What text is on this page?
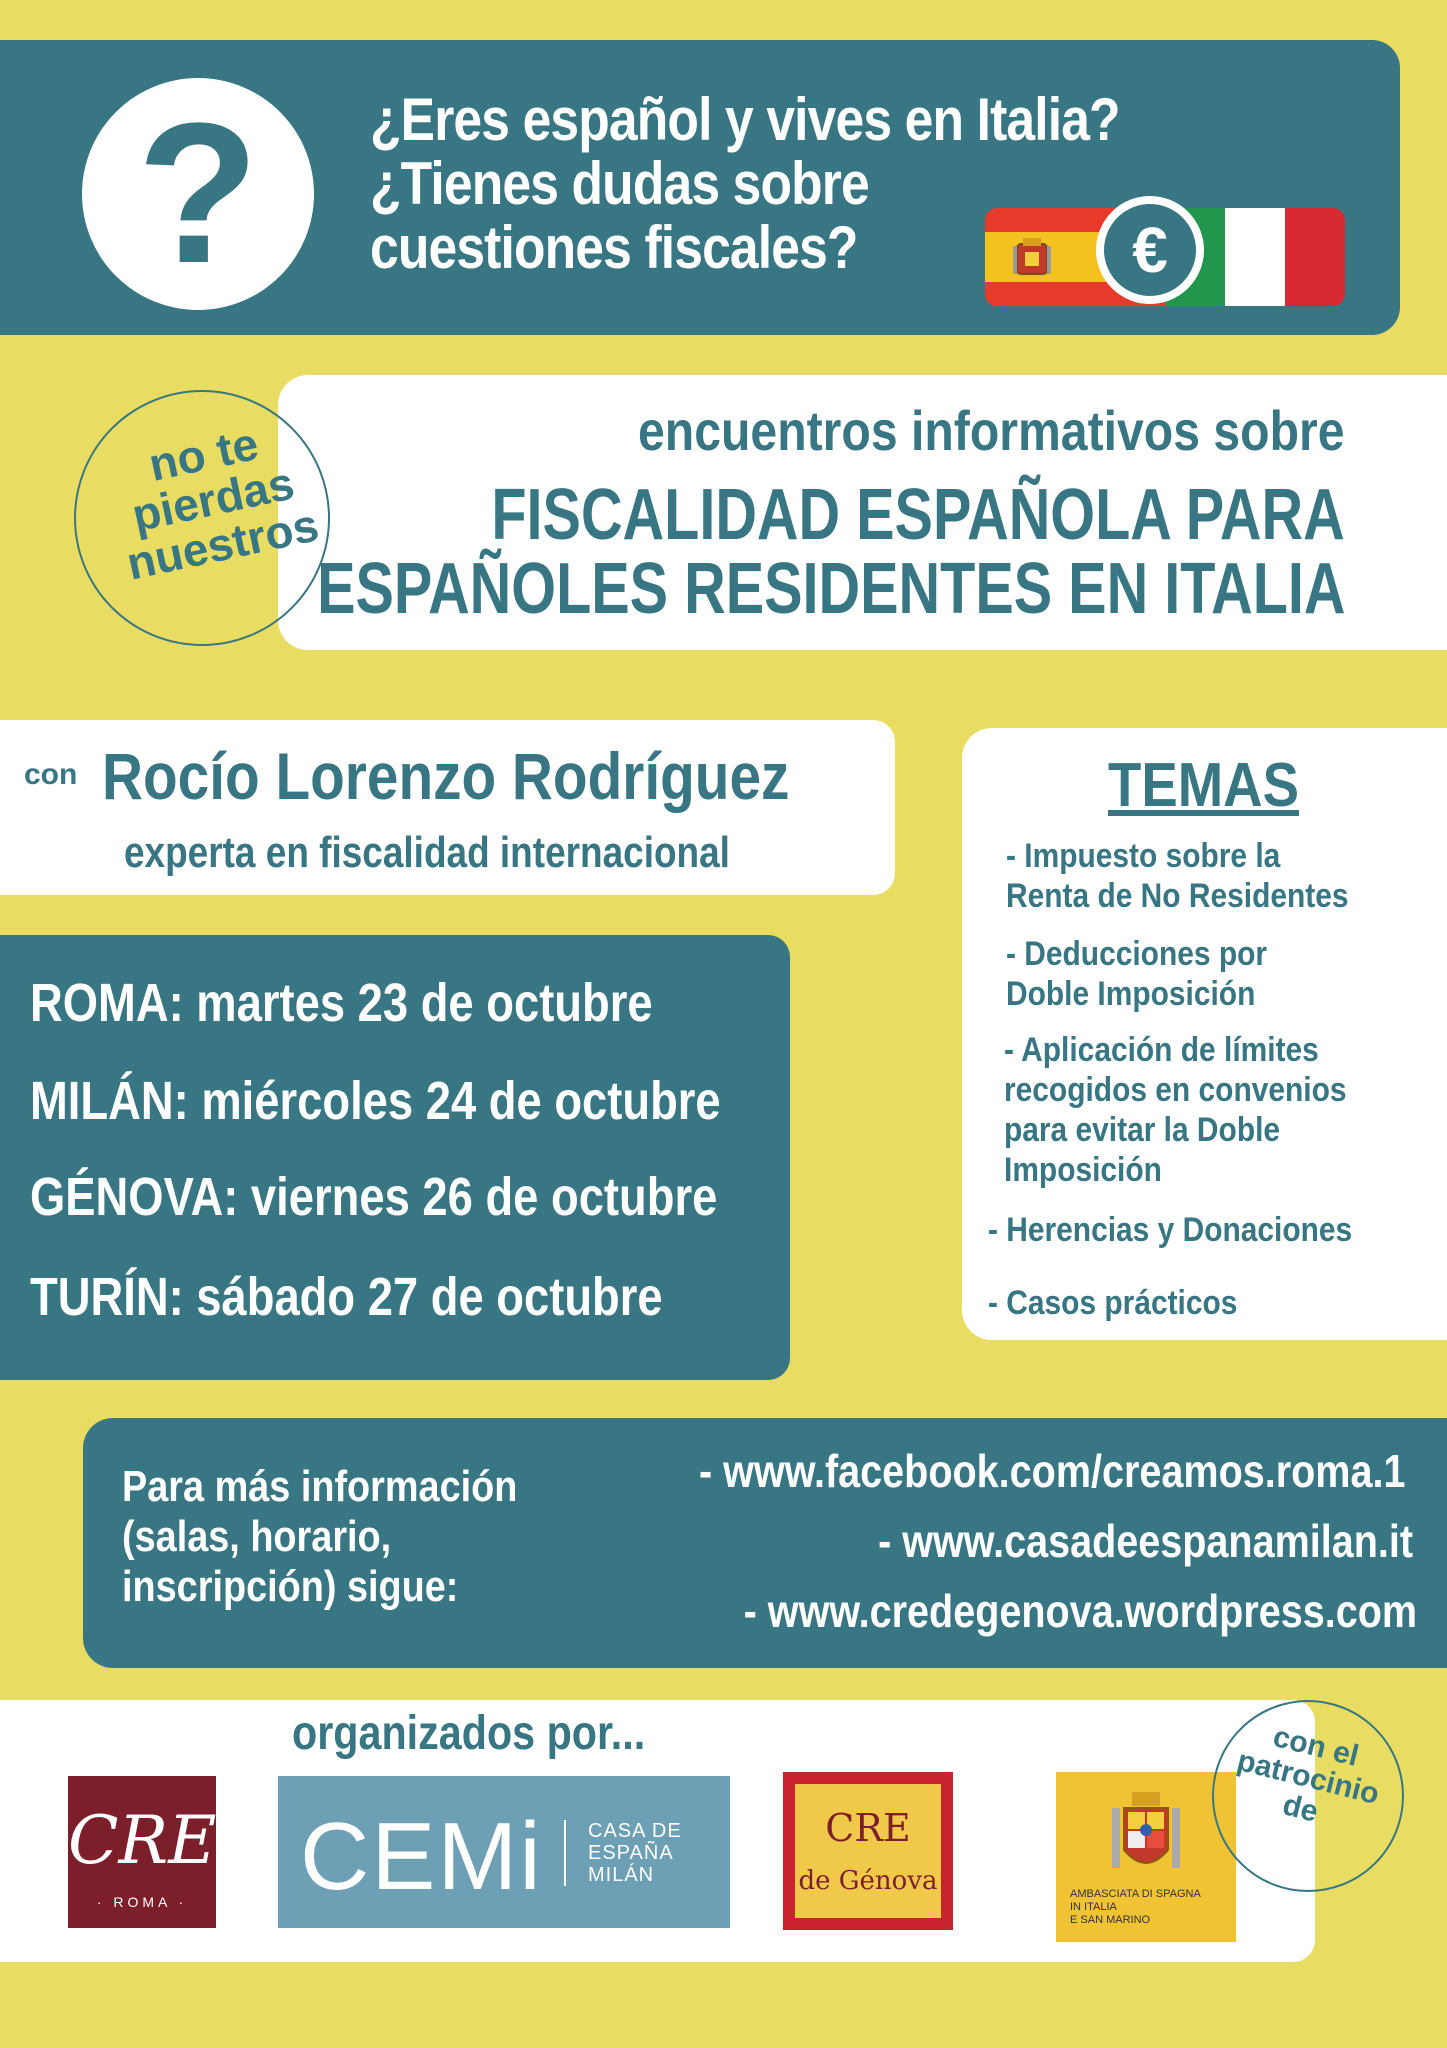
?	¿Eres español y vives en Italia?
¿Tienes dudas sobre
cuestiones fiscales?	€
encuentros informativos sobre
FISCALIDAD ESPAÑOLA PARA
ESPAÑOLES RESIDENTES EN ITALIA
no te pierdas nuestros
con Rocío Lorenzo Rodríguez
experta en fiscalidad internacional
ROMA: martes 23 de octubre
MILÁN: miércoles 24 de octubre
GÉNOVA: viernes 26 de octubre
TURÍN: sábado 27 de octubre
TEMAS
- Impuesto sobre la Renta de No Residentes
- Deducciones por Doble Imposición
- Aplicación de límites recogidos en convenios para evitar la Doble Imposición
- Herencias y Donaciones
- Casos prácticos
Para más información
(salas, horario,
inscripción) sigue:
- www.facebook.com/creamos.roma.1
- www.casadeespanamilan.it
- www.credegenova.wordpress.com
organizados por...
CRE
· ROMA ·	CEMi CASA DE
ESPAÑA
MILÁN
CRE
de Génova	AMBASCIATA DI SPAGNA
IN ITALIA
E SAN MARINO
con el patrocinio de
